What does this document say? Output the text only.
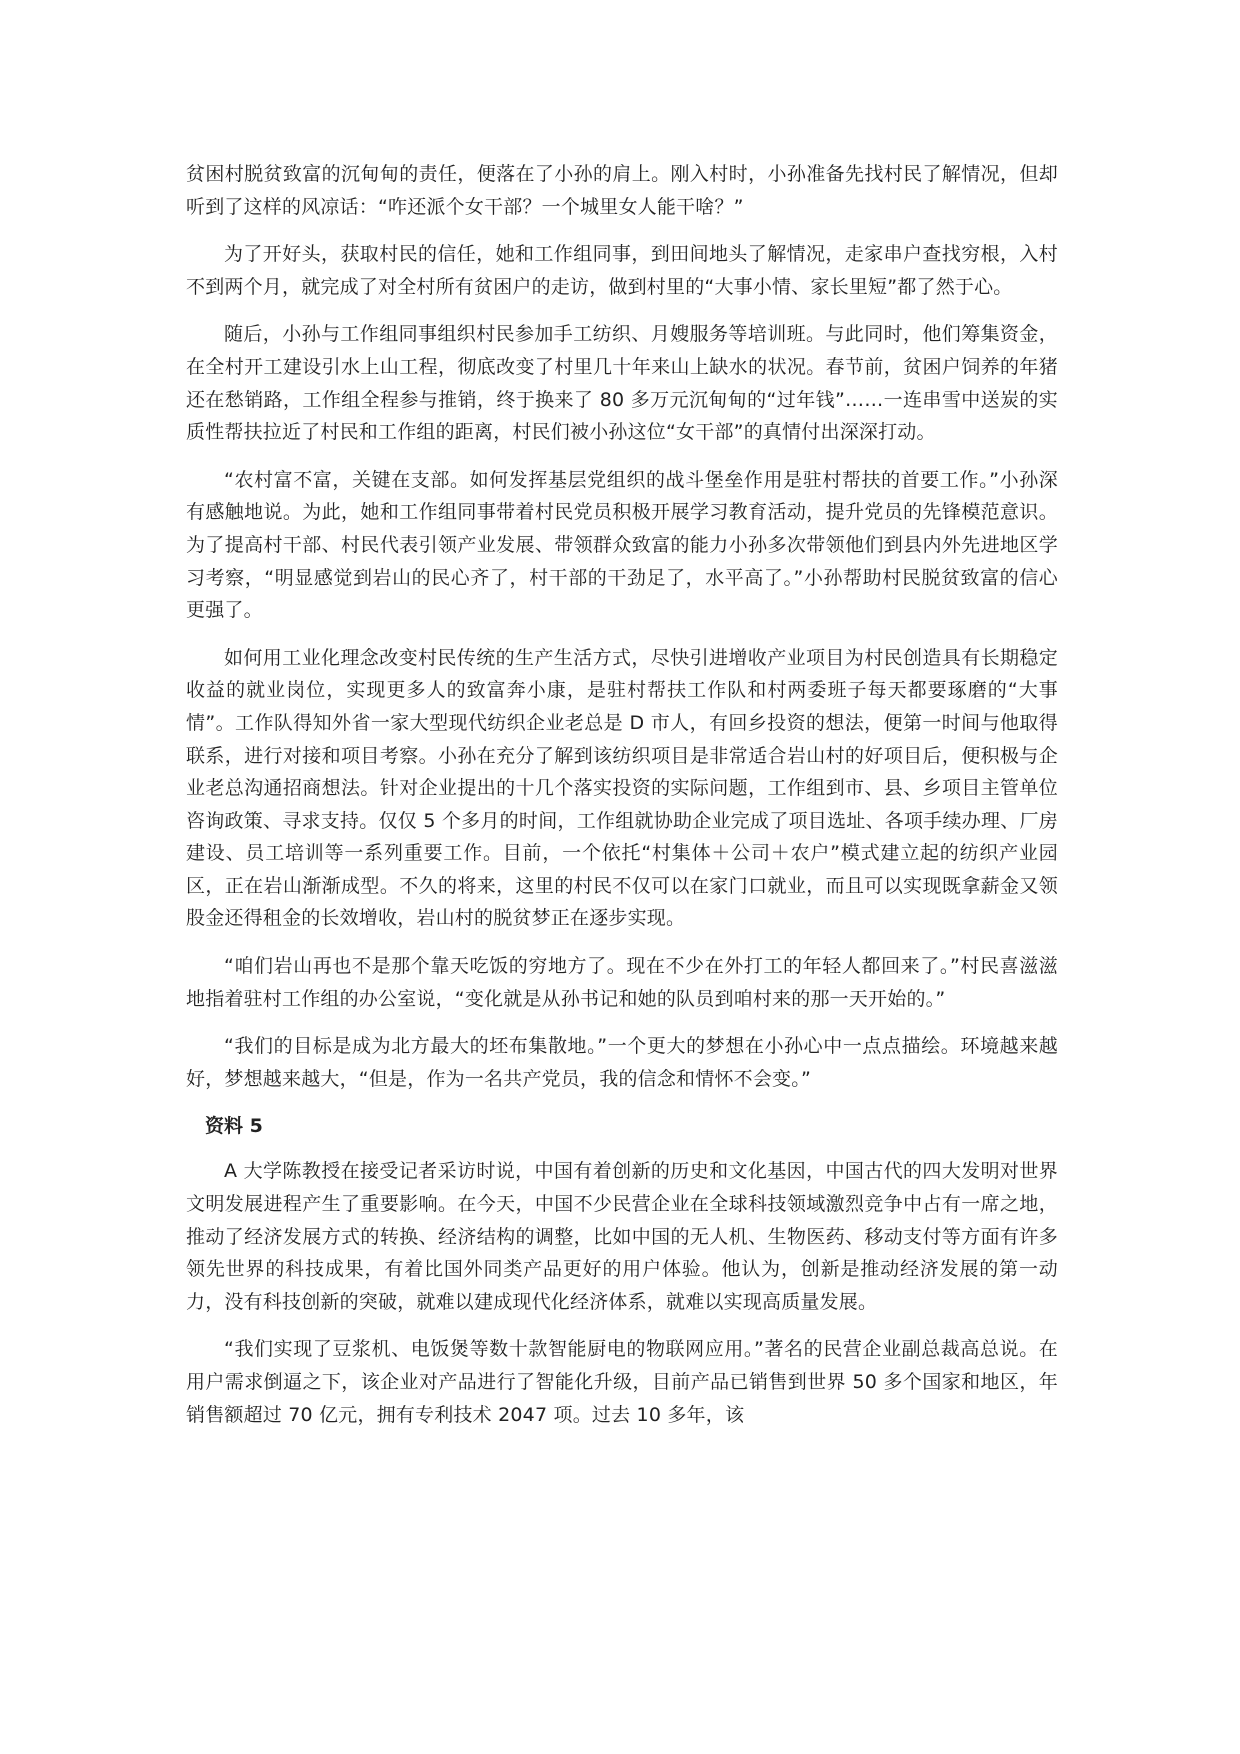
贫困村脱贫致富的沉甸甸的责任，便落在了小孙的肩上。刚入村时，小孙准备先找村民了解情况，但却听到了这样的风凉话：“咋还派个女干部？一个城里女人能干啥？”

为了开好头，获取村民的信任，她和工作组同事，到田间地头了解情况，走家串户查找穷根，入村不到两个月，就完成了对全村所有贫困户的走访，做到村里的“大事小情、家长里短”都了然于心。

随后，小孙与工作组同事组织村民参加手工纺织、月嫂服务等培训班。与此同时，他们筹集资金，在全村开工建设引水上山工程，彻底改变了村里几十年来山上缺水的状况。春节前，贫困户饲养的年猪还在愁销路，工作组全程参与推销，终于换来了 80 多万元沉甸甸的“过年钱”……一连串雪中送炭的实质性帮扶拉近了村民和工作组的距离，村民们被小孙这位“女干部”的真情付出深深打动。

“农村富不富，关键在支部。如何发挥基层党组织的战斗堡垒作用是驻村帮扶的首要工作。”小孙深有感触地说。为此，她和工作组同事带着村民党员积极开展学习教育活动，提升党员的先锋模范意识。为了提高村干部、村民代表引领产业发展、带领群众致富的能力小孙多次带领他们到县内外先进地区学习考察，“明显感觉到岩山的民心齐了，村干部的干劲足了，水平高了。”小孙帮助村民脱贫致富的信心更强了。

如何用工业化理念改变村民传统的生产生活方式，尽快引进增收产业项目为村民创造具有长期稳定收益的就业岗位，实现更多人的致富奔小康，是驻村帮扶工作队和村两委班子每天都要琢磨的“大事情”。工作队得知外省一家大型现代纺织企业老总是 D 市人，有回乡投资的想法，便第一时间与他取得联系，进行对接和项目考察。小孙在充分了解到该纺织项目是非常适合岩山村的好项目后，便积极与企业老总沟通招商想法。针对企业提出的十几个落实投资的实际问题，工作组到市、县、乡项目主管单位咨询政策、寻求支持。仅仅 5 个多月的时间，工作组就协助企业完成了项目选址、各项手续办理、厂房建设、员工培训等一系列重要工作。目前，一个依托“村集体＋公司＋农户”模式建立起的纺织产业园区，正在岩山渐渐成型。不久的将来，这里的村民不仅可以在家门口就业，而且可以实现既拿薪金又领股金还得租金的长效增收，岩山村的脱贫梦正在逐步实现。

“咱们岩山再也不是那个靠天吃饭的穷地方了。现在不少在外打工的年轻人都回来了。”村民喜滋滋地指着驻村工作组的办公室说，“变化就是从孙书记和她的队员到咱村来的那一天开始的。”

“我们的目标是成为北方最大的坯布集散地。”一个更大的梦想在小孙心中一点点描绘。环境越来越好，梦想越来越大，“但是，作为一名共产党员，我的信念和情怀不会变。”

资料 5

A 大学陈教授在接受记者采访时说，中国有着创新的历史和文化基因，中国古代的四大发明对世界文明发展进程产生了重要影响。在今天，中国不少民营企业在全球科技领域激烈竞争中占有一席之地，推动了经济发展方式的转换、经济结构的调整，比如中国的无人机、生物医药、移动支付等方面有许多领先世界的科技成果，有着比国外同类产品更好的用户体验。他认为，创新是推动经济发展的第一动力，没有科技创新的突破，就难以建成现代化经济体系，就难以实现高质量发展。

“我们实现了豆浆机、电饭煲等数十款智能厨电的物联网应用。”著名的民营企业副总裁高总说。在用户需求倒逼之下，该企业对产品进行了智能化升级，目前产品已销售到世界 50 多个国家和地区，年销售额超过 70 亿元，拥有专利技术 2047 项。过去 10 多年，该
